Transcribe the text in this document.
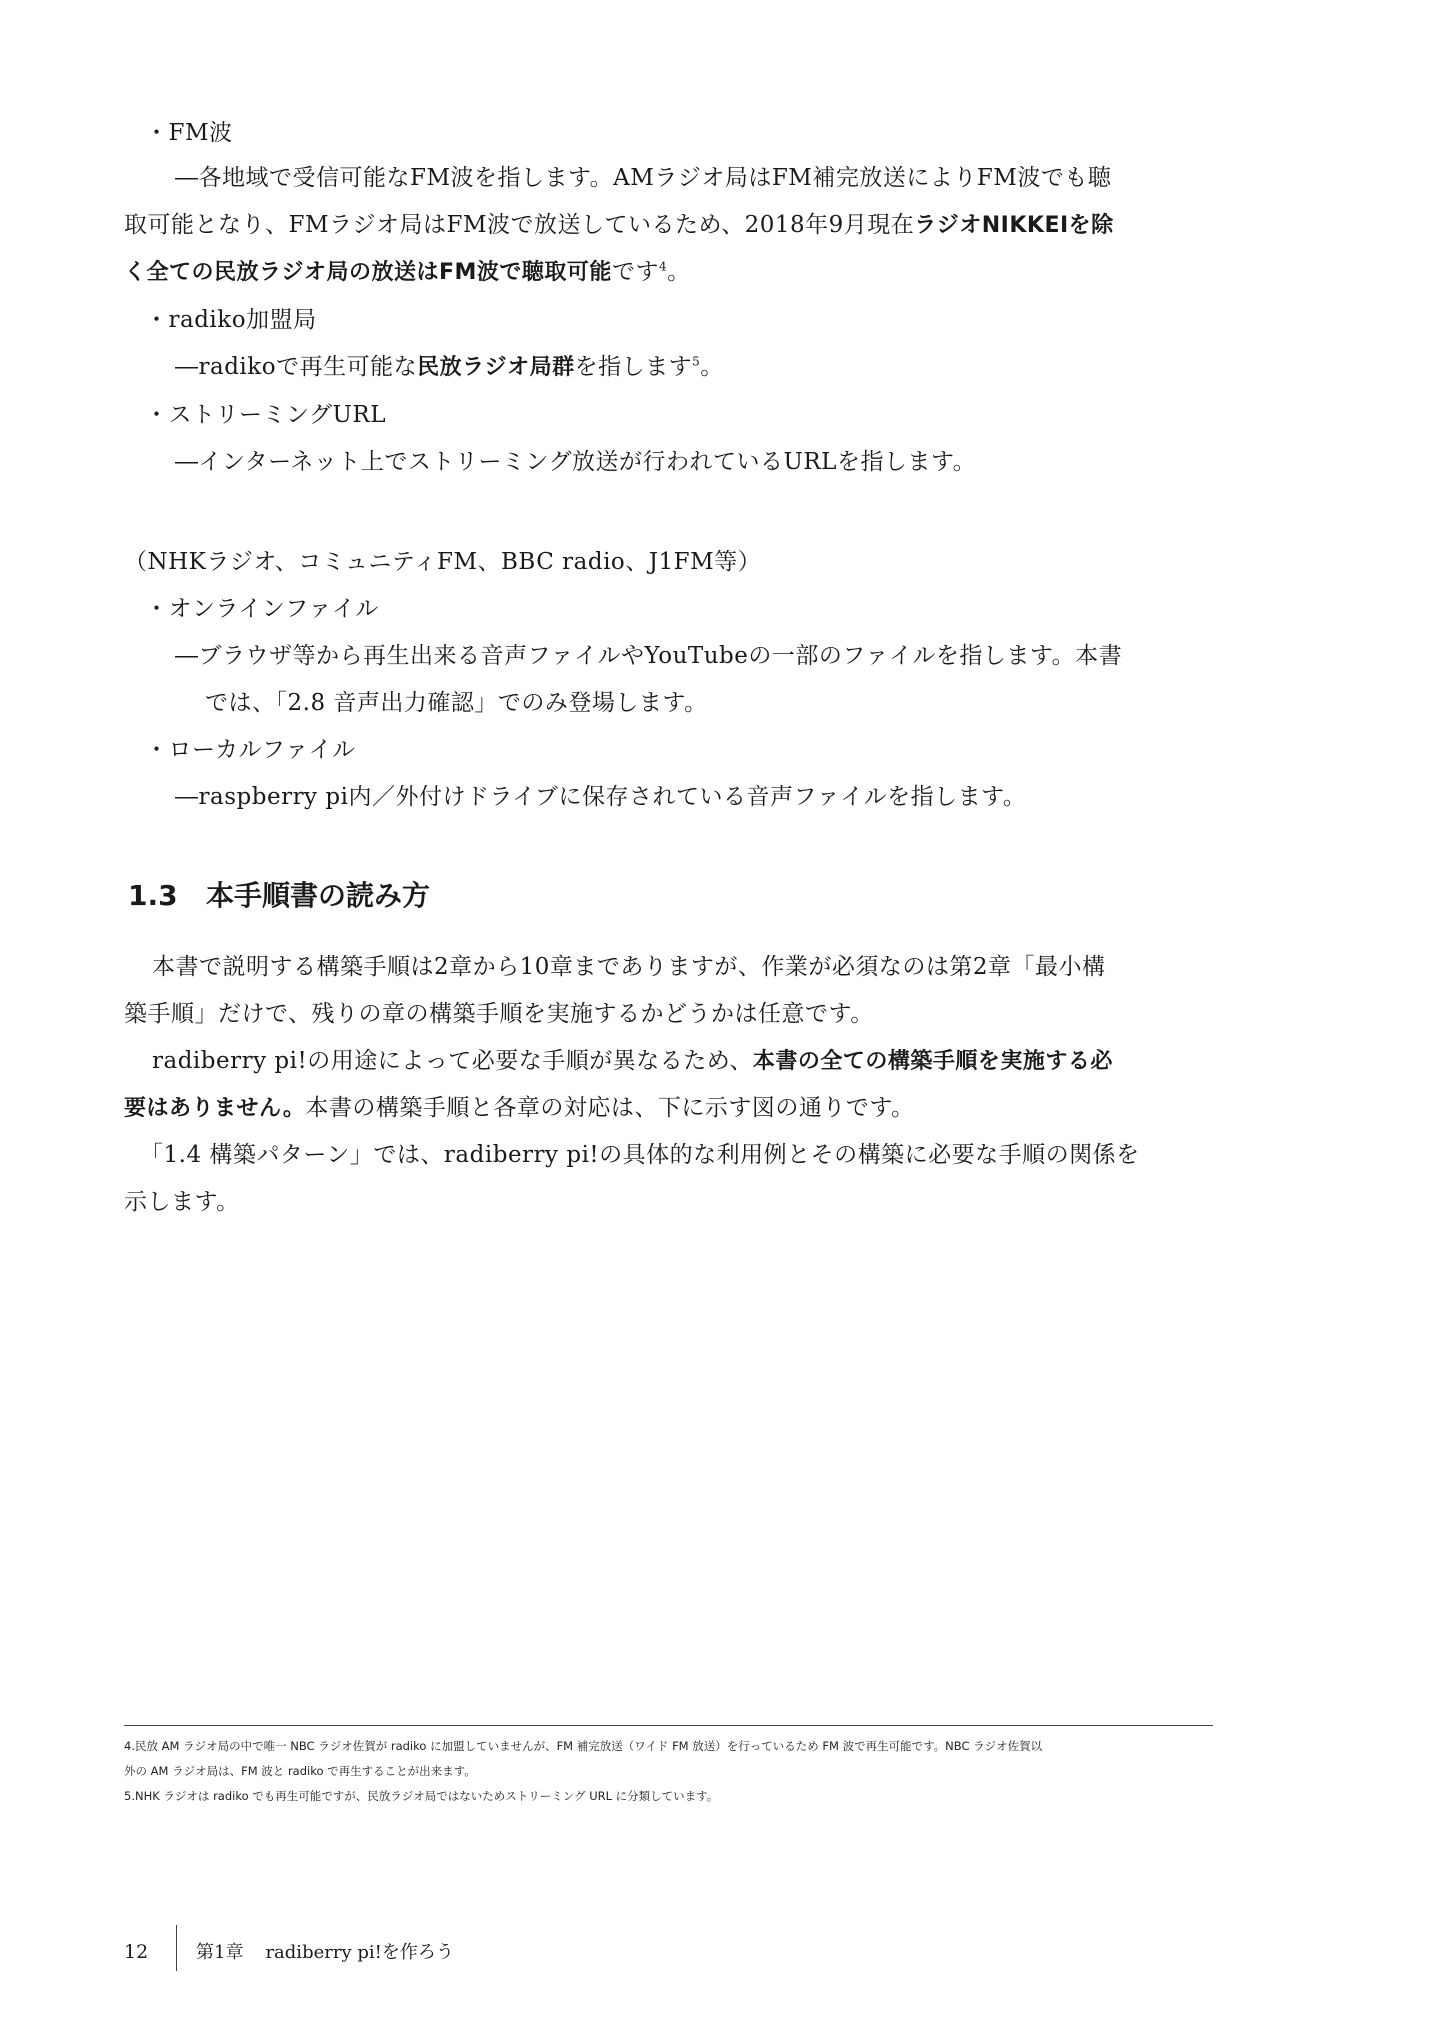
・FM波
―各地域で受信可能なFM波を指します。AMラジオ局はFM補完放送によりFM波でも聴
取可能となり、FMラジオ局はFM波で放送しているため、2018年9月現在ラジオNIKKEIを除
く全ての民放ラジオ局の放送はFM波で聴取可能です$^4$。
・radiko加盟局
―radikoで再生可能な民放ラジオ局群を指します$^5$。
・ストリーミングURL
―インターネット上でストリーミング放送が行われているURLを指します。
（NHKラジオ、コミュニティFM、BBC radio、J1FM等）
・オンラインファイル
―ブラウザ等から再生出来る音声ファイルやYouTubeの一部のファイルを指します。本書
では、「2.8 音声出力確認」でのみ登場します。
・ローカルファイル
―raspberry pi内／外付けドライブに保存されている音声ファイルを指します。
1.3 本手順書の読み方
本書で説明する構築手順は2章から10章までありますが、作業が必須なのは第2章「最小構
築手順」だけで、残りの章の構築手順を実施するかどうかは任意です。
radiberry pi!の用途によって必要な手順が異なるため、本書の全ての構築手順を実施する必
要はありません。本書の構築手順と各章の対応は、下に示す図の通りです。
「1.4 構築パターン」では、radiberry pi!の具体的な利用例とその構築に必要な手順の関係を
示します。
4.民放 AM ラジオ局の中で唯一 NBC ラジオ佐賀が radiko に加盟していませんが、FM 補完放送（ワイド FM 放送）を行っているため FM 波で再生可能です。NBC ラジオ佐賀以
外の AM ラジオ局は、FM 波と radiko で再生することが出来ます。
5.NHK ラジオは radiko でも再生可能ですが、民放ラジオ局ではないためストリーミング URL に分類しています。
12	第1章 radiberry pi!を作ろう
